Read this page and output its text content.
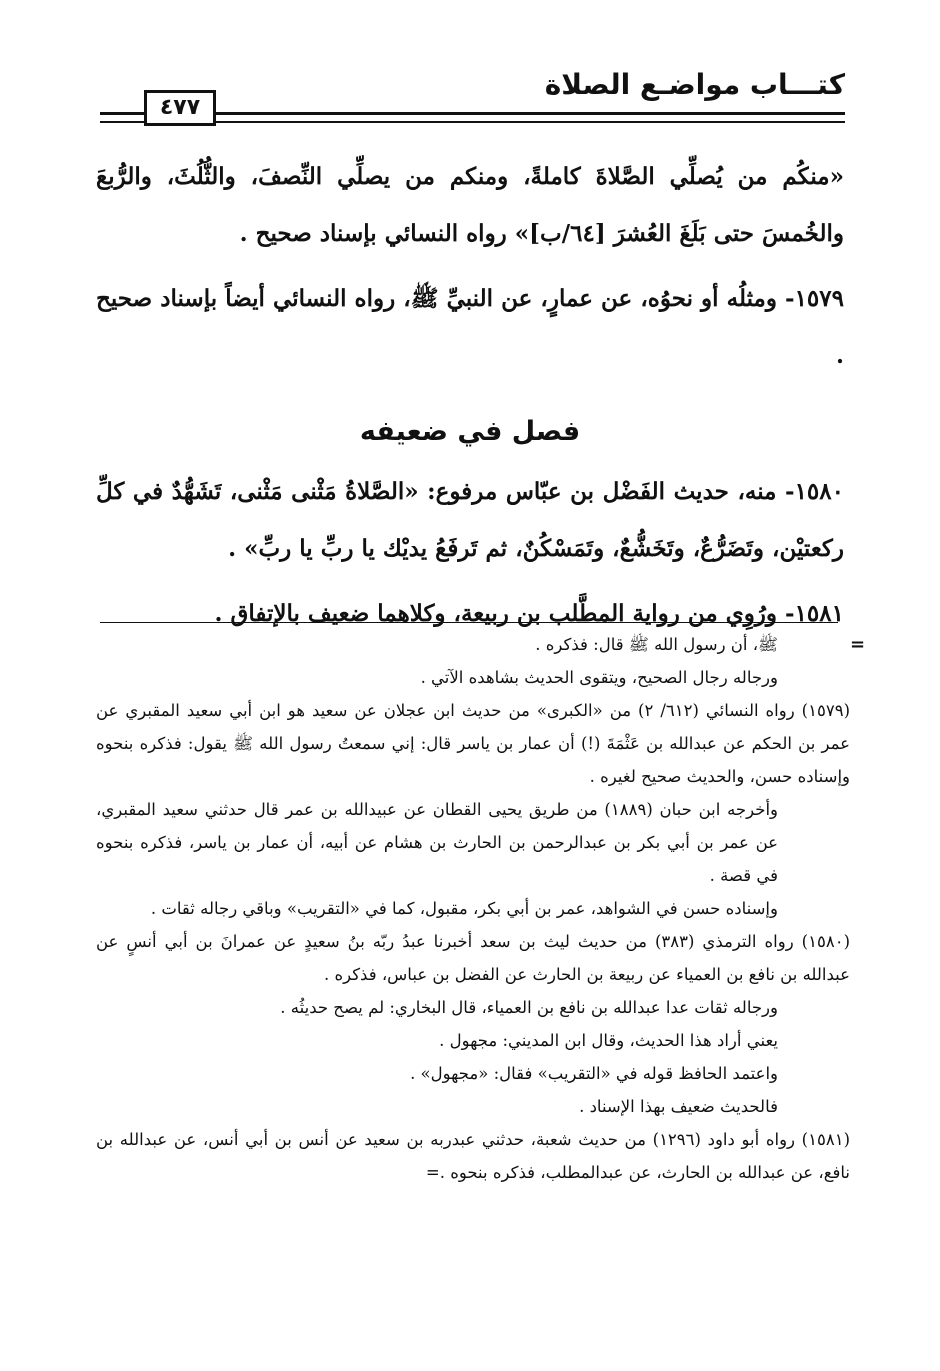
كتـــاب مواضـع الصلاة
٤٧٧

«منكُم من يُصلِّي الصَّلاةَ كاملةً، ومنكم من يصلِّي النِّصفَ، والثُّلُثَ، والرُّبعَ والخُمسَ حتى بَلَغَ العُشرَ [٦٤/ب]» رواه النسائي بإسناد صحيح .

١٥٧٩- ومثلُه أو نحوُه، عن عمارٍ، عن النبيِّ ﷺ، رواه النسائي أيضاً بإسناد صحيح .

فصل في ضعيفه

١٥٨٠- منه، حديث الفَضْل بن عبّاس مرفوع: «الصَّلاةُ مَثْنى مَثْنى، تَشَهُّدٌ في كلِّ ركعتيْن، وتَضَرُّعٌ، وتَخَشُّعٌ، وتَمَسْكُنٌ، ثم تَرفَعُ يديْك يا ربِّ يا ربِّ» .

١٥٨١- ورُوِي من رواية المطَّلب بن ربيعة، وكلاهما ضعيف بالإتفاق .

=

ﷺ، أن رسول الله ﷺ قال: فذكره .

ورجاله رجال الصحيح، ويتقوى الحديث بشاهده الآتي .

(١٥٧٩) رواه النسائي (٦١٢/ ٢) من «الكبرى» من حديث ابن عجلان عن سعيد هو ابن أبي سعيد المقبري عن عمر بن الحكم عن عبدالله بن عَثْمَةَ (!) أن عمار بن ياسر قال: إني سمعتُ رسول الله ﷺ يقول: فذكره بنحوه وإسناده حسن، والحديث صحيح لغيره .

وأخرجه ابن حبان (١٨٨٩) من طريق يحيى القطان عن عبيدالله بن عمر قال حدثني سعيد المقبري، عن عمر بن أبي بكر بن عبدالرحمن بن الحارث بن هشام عن أبيه، أن عمار بن ياسر، فذكره بنحوه في قصة .

وإسناده حسن في الشواهد، عمر بن أبي بكر، مقبول، كما في «التقريب» وباقي رجاله ثقات .

(١٥٨٠) رواه الترمذي (٣٨٣) من حديث ليث بن سعد أخبرنا عبدُ ربّه بنُ سعيدٍ عن عمرانَ بن أبي أنسٍ عن عبدالله بن نافع بن العمياء عن ربيعة بن الحارث عن الفضل بن عباس، فذكره .

ورجاله ثقات عدا عبدالله بن نافع بن العمياء، قال البخاري: لم يصح حديثُه .

يعني أراد هذا الحديث، وقال ابن المديني: مجهول .

واعتمد الحافظ قوله في «التقريب» فقال: «مجهول» .

فالحديث ضعيف بهذا الإسناد .

(١٥٨١) رواه أبو داود (١٢٩٦) من حديث شعبة، حدثني عبدربه بن سعيد عن أنس بن أبي أنس، عن عبدالله بن نافع، عن عبدالله بن الحارث، عن عبدالمطلب، فذكره بنحوه .=
